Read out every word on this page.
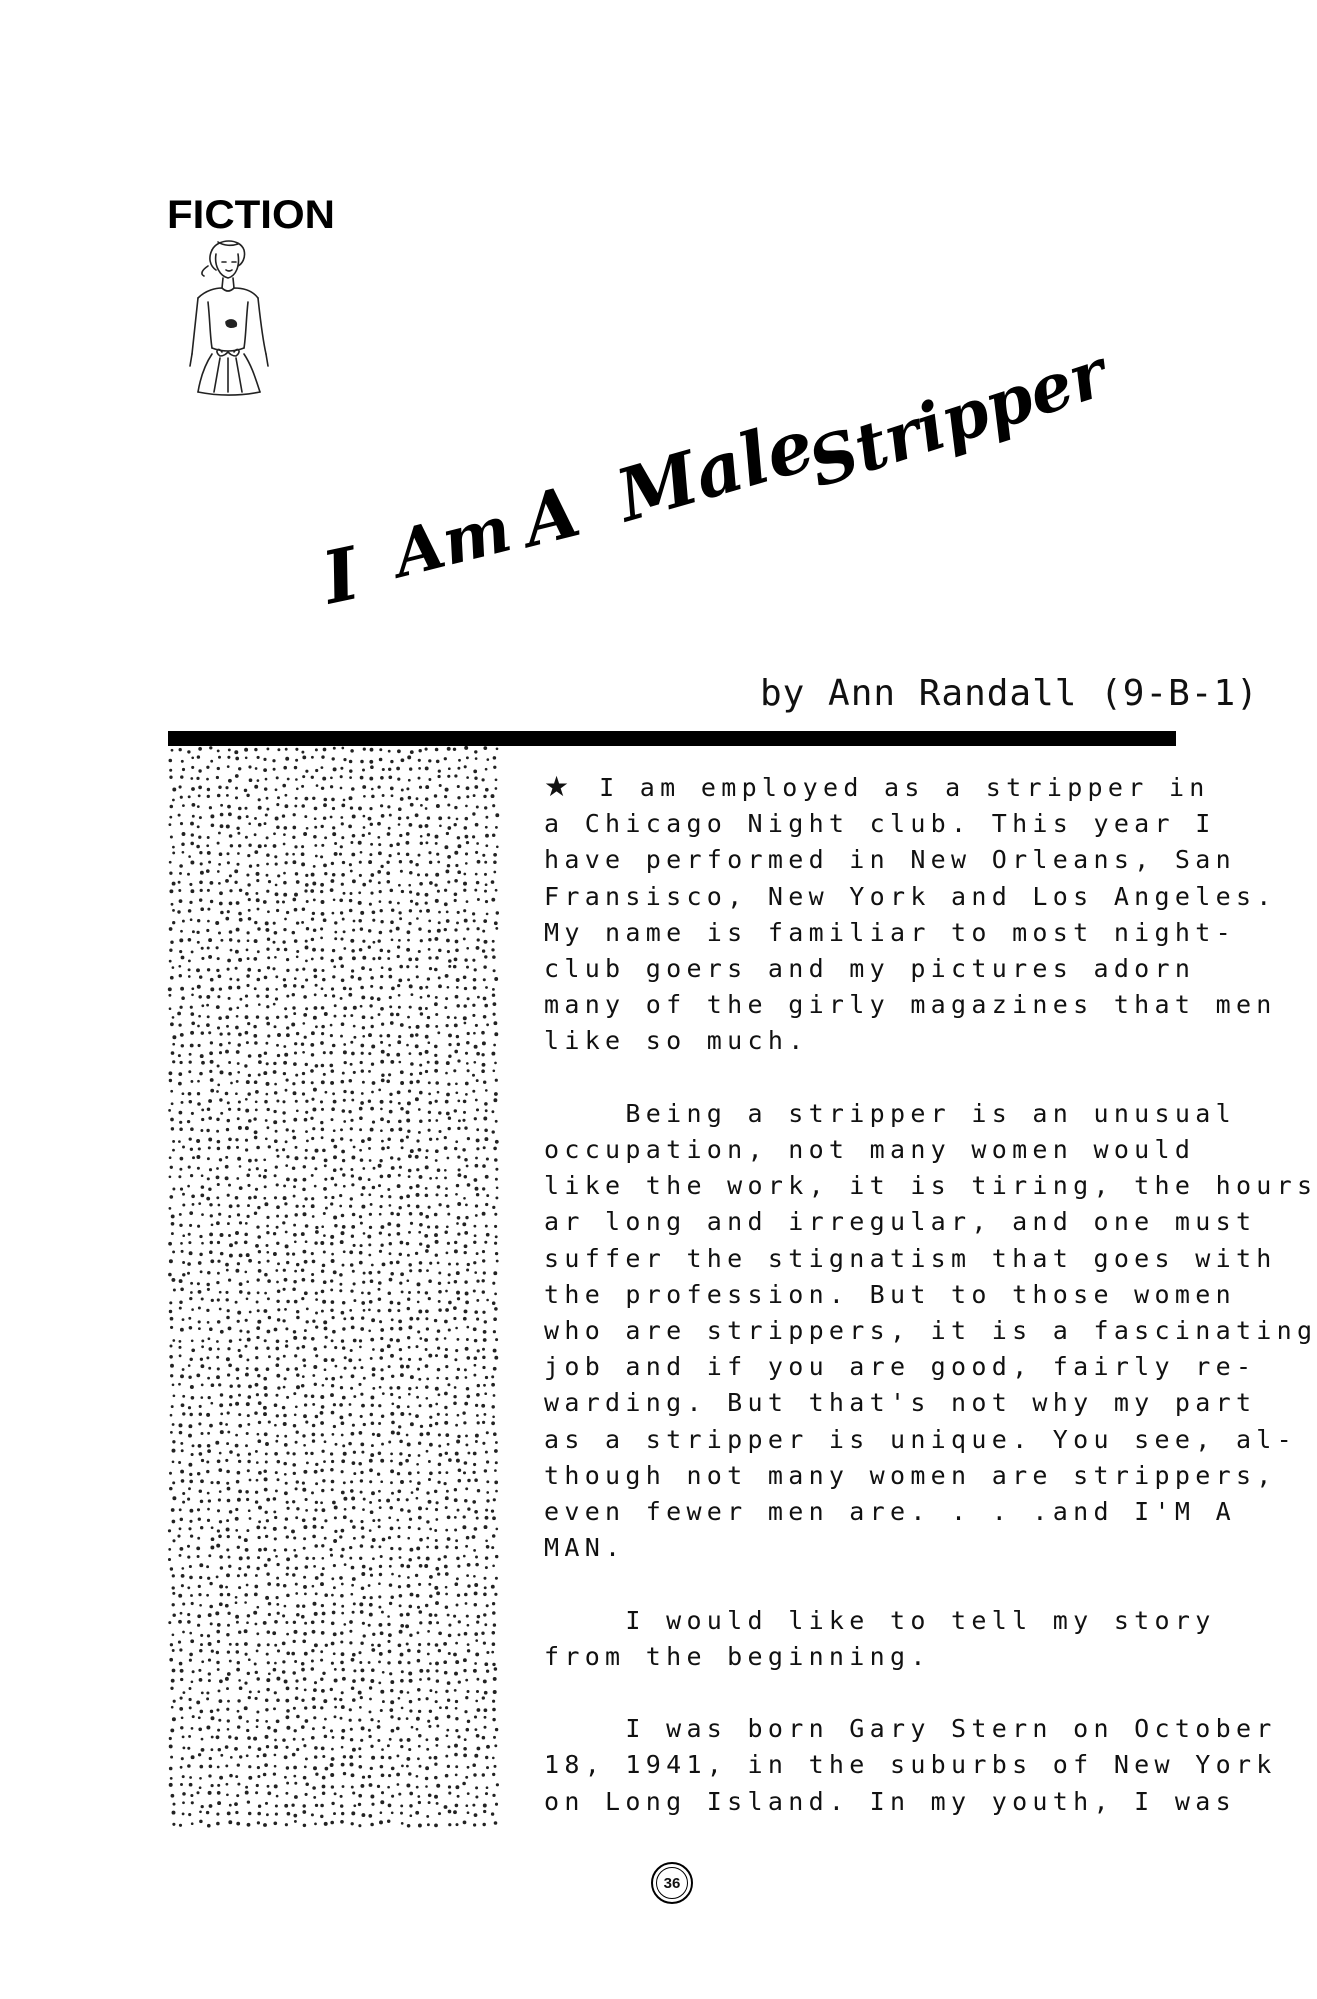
FICTION
I Am
A Male
Stripper
by Ann Randall (9-B-1)
★ I am employed as a stripper in
a Chicago Night club. This year I
have performed in New Orleans, San
Fransisco, New York and Los Angeles.
My name is familiar to most night-
club goers and my pictures adorn
many of the girly magazines that men
like so much.
Being a stripper is an unusual
occupation, not many women would
like the work, it is tiring, the hours
ar long and irregular, and one must
suffer the stignatism that goes with
the profession. But to those women
who are strippers, it is a fascinating
job and if you are good, fairly re-
warding. But that's not why my part
as a stripper is unique. You see, al-
though not many women are strippers,
even fewer men are. . . .and I'M A
MAN.
I would like to tell my story
from the beginning.
I was born Gary Stern on October
18, 1941, in the suburbs of New York
on Long Island. In my youth, I was
36
